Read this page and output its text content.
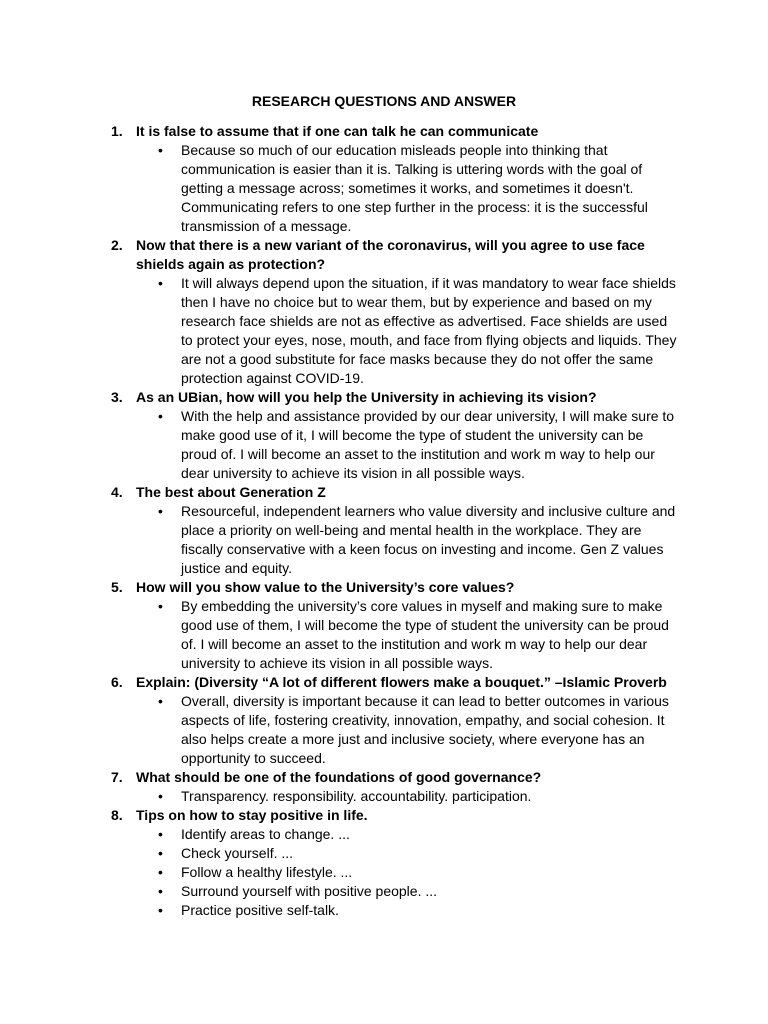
RESEARCH QUESTIONS AND ANSWER
1. It is false to assume that if one can talk he can communicate
• Because so much of our education misleads people into thinking that communication is easier than it is. Talking is uttering words with the goal of getting a message across; sometimes it works, and sometimes it doesn't. Communicating refers to one step further in the process: it is the successful transmission of a message.
2. Now that there is a new variant of the coronavirus, will you agree to use face shields again as protection?
• It will always depend upon the situation, if it was mandatory to wear face shields then I have no choice but to wear them, but by experience and based on my research face shields are not as effective as advertised. Face shields are used to protect your eyes, nose, mouth, and face from flying objects and liquids. They are not a good substitute for face masks because they do not offer the same protection against COVID-19.
3. As an UBian, how will you help the University in achieving its vision?
• With the help and assistance provided by our dear university, I will make sure to make good use of it, I will become the type of student the university can be proud of. I will become an asset to the institution and work m way to help our dear university to achieve its vision in all possible ways.
4. The best about Generation Z
• Resourceful, independent learners who value diversity and inclusive culture and place a priority on well-being and mental health in the workplace. They are fiscally conservative with a keen focus on investing and income. Gen Z values justice and equity.
5. How will you show value to the University’s core values?
• By embedding the university’s core values in myself and making sure to make good use of them, I will become the type of student the university can be proud of. I will become an asset to the institution and work m way to help our dear university to achieve its vision in all possible ways.
6. Explain: (Diversity “A lot of different flowers make a bouquet.” –Islamic Proverb
• Overall, diversity is important because it can lead to better outcomes in various aspects of life, fostering creativity, innovation, empathy, and social cohesion. It also helps create a more just and inclusive society, where everyone has an opportunity to succeed.
7. What should be one of the foundations of good governance?
• Transparency. responsibility. accountability. participation.
8. Tips on how to stay positive in life.
• Identify areas to change. ...
• Check yourself. ...
• Follow a healthy lifestyle. ...
• Surround yourself with positive people. ...
• Practice positive self-talk.
